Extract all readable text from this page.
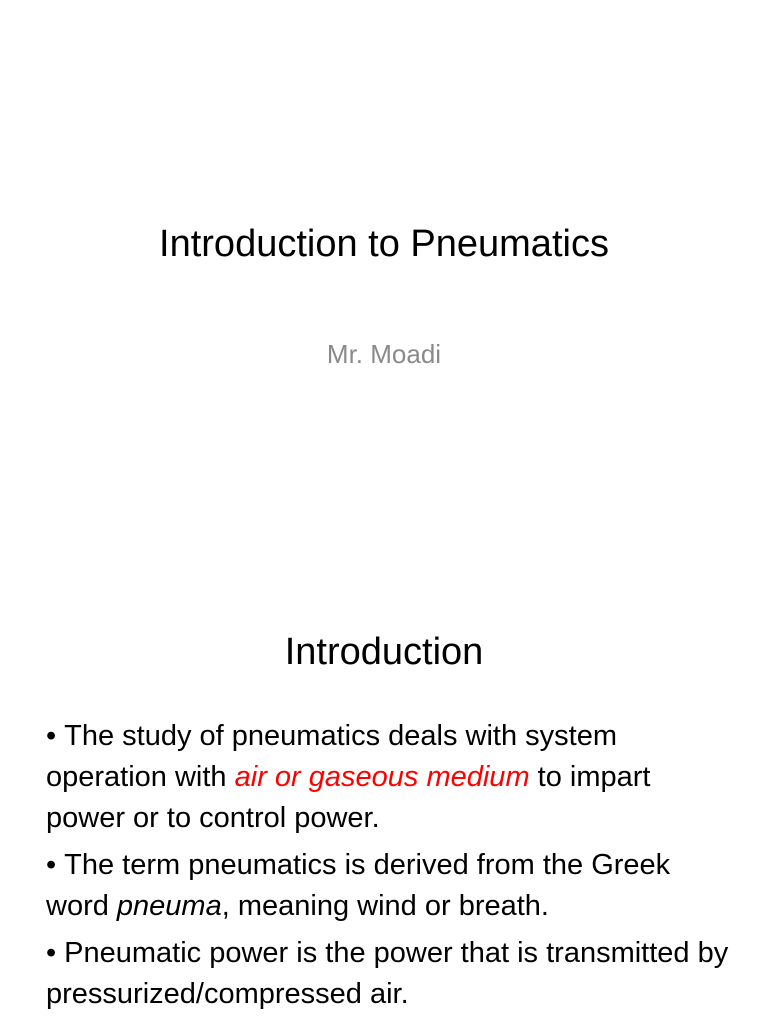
Introduction to Pneumatics

Mr. Moadi

Introduction
• The study of pneumatics deals with system operation with air or gaseous medium to impart power or to control power.
• The term pneumatics is derived from the Greek word pneuma, meaning wind or breath.
• Pneumatic power is the power that is transmitted by pressurized/compressed air.
